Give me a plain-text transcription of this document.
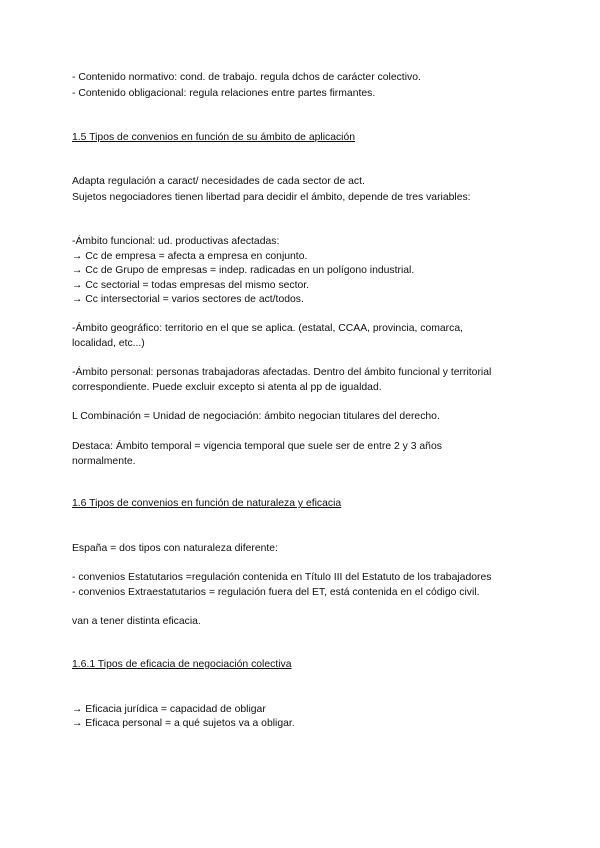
- Contenido normativo: cond. de trabajo. regula dchos de carácter colectivo.
- Contenido obligacional: regula relaciones entre partes firmantes.
1.5 Tipos de convenios en función de su ámbito de aplicación
Adapta regulación a caract/ necesidades de cada sector de act.
Sujetos negociadores tienen libertad para decidir el ámbito, depende de tres variables:
-Ámbito funcional: ud. productivas afectadas:
→ Cc de empresa = afecta a empresa en conjunto.
→ Cc de Grupo de empresas = indep. radicadas en un polígono industrial.
→ Cc sectorial = todas empresas del mismo sector.
→ Cc intersectorial = varios sectores de act/todos.
-Ámbito geográfico: territorio en el que se aplica. (estatal, CCAA, provincia, comarca,
localidad, etc...)
-Ámbito personal: personas trabajadoras afectadas. Dentro del ámbito funcional y territorial
correspondiente. Puede excluir excepto si atenta al pp de igualdad.
L Combinación = Unidad de negociación: ámbito negocian titulares del derecho.
Destaca: Ámbito temporal = vigencia temporal que suele ser de entre 2 y 3 años
normalmente.
1.6 Tipos de convenios en función de naturaleza y eficacia
España = dos tipos con naturaleza diferente:
- convenios Estatutarios =regulación contenida en Título III del Estatuto de los trabajadores
- convenios Extraestatutarios = regulación fuera del ET, está contenida en el código civil.
van a tener distinta eficacia.
1.6.1 Tipos de eficacia de negociación colectiva
→ Eficacia jurídica = capacidad de obligar
→ Eficaca personal = a qué sujetos va a obligar.
